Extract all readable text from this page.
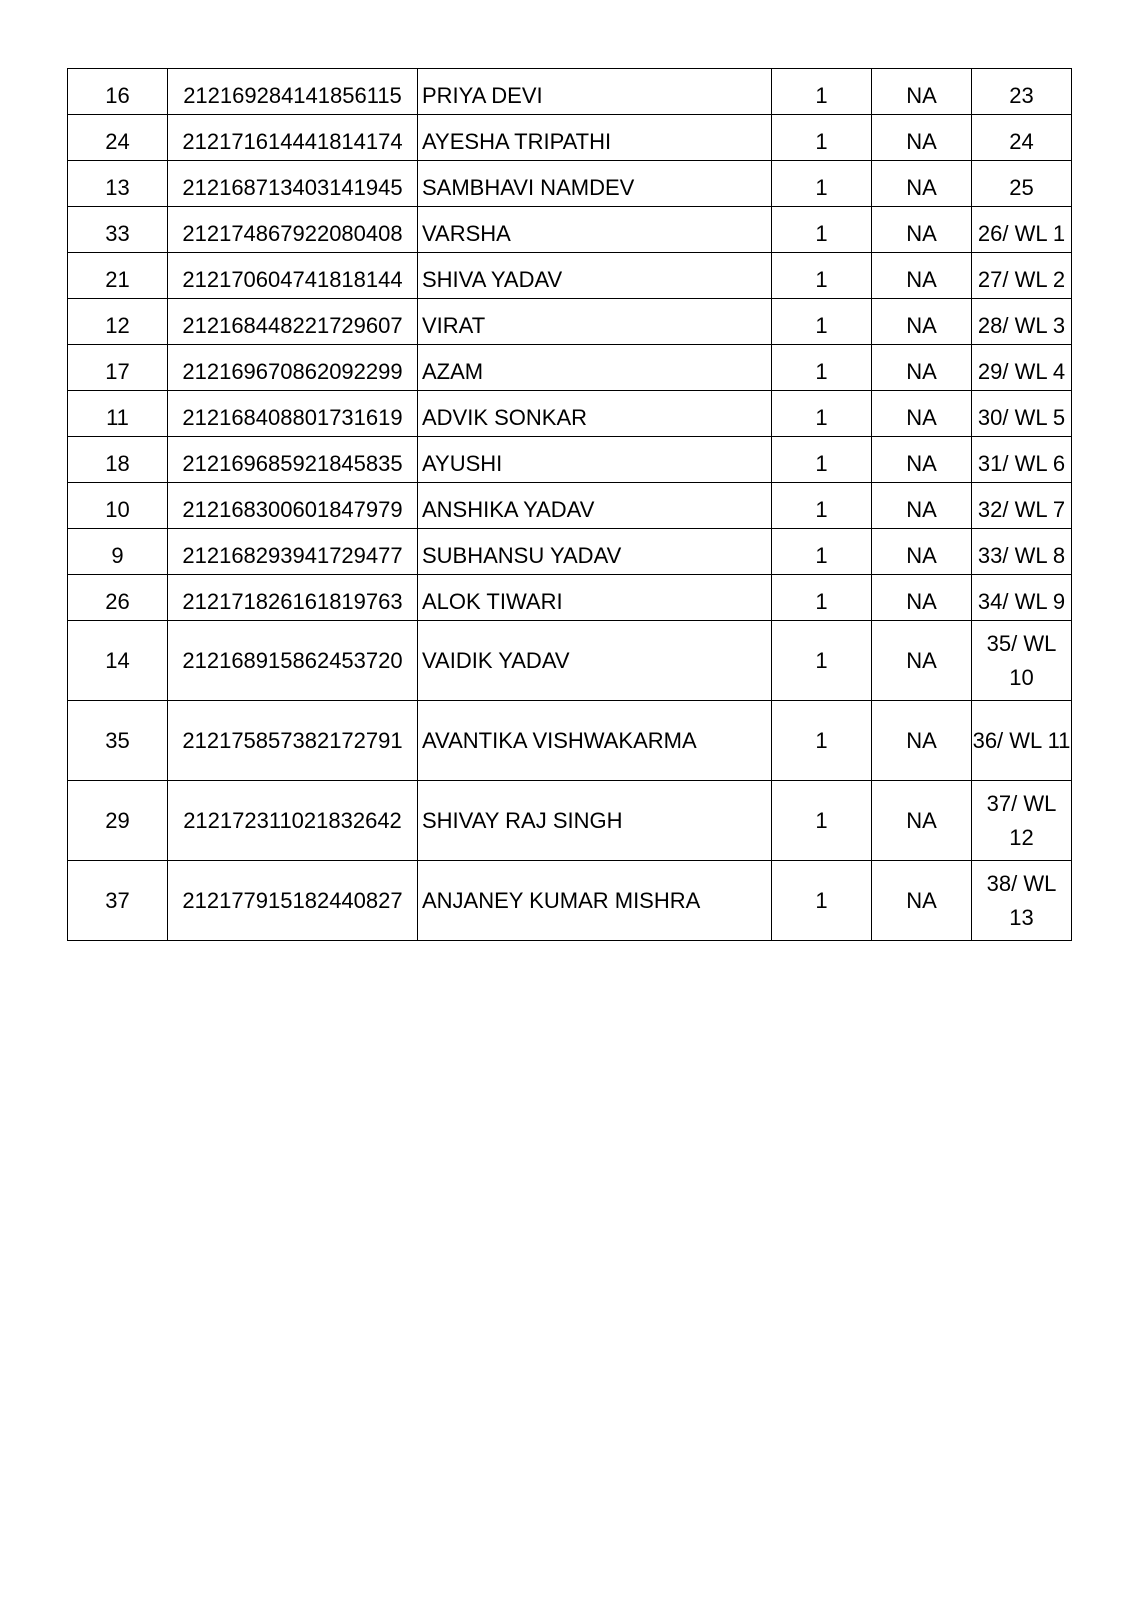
16	212169284141856115	PRIYA DEVI	1	NA	23

24	212171614441814174	AYESHA TRIPATHI	1	NA	24

13	212168713403141945	SAMBHAVI NAMDEV	1	NA	25

33	212174867922080408	VARSHA	1	NA	26/ WL 1

21	212170604741818144	SHIVA YADAV	1	NA	27/ WL 2

12	212168448221729607	VIRAT	1	NA	28/ WL 3

17	212169670862092299	AZAM	1	NA	29/ WL 4

11	212168408801731619	ADVIK SONKAR	1	NA	30/ WL 5

18	212169685921845835	AYUSHI	1	NA	31/ WL 6

10	212168300601847979	ANSHIKA YADAV	1	NA	32/ WL 7

9	212168293941729477	SUBHANSU YADAV	1	NA	33/ WL 8

26	212171826161819763	ALOK TIWARI	1	NA	34/ WL 9

14	212168915862453720	VAIDIK YADAV	1	NA	35/ WL 10

35	212175857382172791	AVANTIKA VISHWAKARMA	1	NA	36/ WL 11

29	212172311021832642	SHIVAY RAJ SINGH	1	NA	37/ WL 12

37	212177915182440827	ANJANEY KUMAR MISHRA	1	NA	38/ WL 13
